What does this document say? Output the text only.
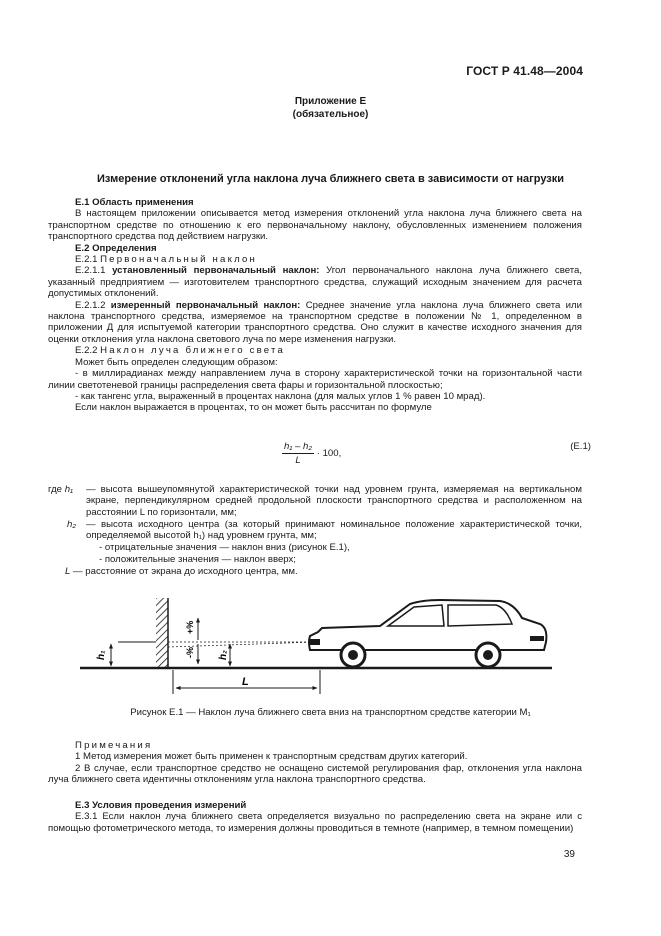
ГОСТ Р 41.48—2004
Приложение Е
(обязательное)
Измерение отклонений угла наклона луча ближнего света в зависимости от нагрузки

Е.1 Область применения

В настоящем приложении описывается метод измерения отклонений угла наклона луча ближнего света на транспортном средстве по отношению к его первоначальному наклону, обусловленных изменением положения транспортного средства под действием нагрузки.

Е.2 Определения

Е.2.1 Первоначальный наклон

Е.2.1.1 установленный первоначальный наклон: Угол первоначального наклона луча ближнего света, указанный предприятием — изготовителем транспортного средства, служащий исходным значением для расчета допустимых отклонений.

Е.2.1.2 измеренный первоначальный наклон: Среднее значение угла наклона луча ближнего света или наклона транспортного средства, измеряемое на транспортном средстве в положении № 1, определенном в приложении Д для испытуемой категории транспортного средства. Оно служит в качестве исходного значения для оценки отклонения угла наклона светового луча по мере изменения нагрузки.

Е.2.2 Наклон луча ближнего света

Может быть определен следующим образом:

- в миллирадианах между направлением луча в сторону характеристической точки на горизонтальной части линии светотеневой границы распределения света фары и горизонтальной плоскостью;

- как тангенс угла, выраженный в процентах наклона (для малых углов 1 % равен 10 мрад).

Если наклон выражается в процентах, то он может быть рассчитан по формуле

$\frac{\text{h₁ – h₂}}{L} \cdot 100$,
(Е.1)
где h₁ — высота вышеупомянутой характеристической точки над уровнем грунта, измеряемая на вертикальном экране, перпендикулярном средней продольной плоскости транспортного средства и расположенном на расстоянии L по горизонтали, мм;
h₂ — высота исходного центра (за который принимают номинальное положение характеристической точки, определяемой высотой h₁) над уровнем грунта, мм;
- отрицательные значения — наклон вниз (рисунок Е.1),
- положительные значения — наклон вверх;
L — расстояние от экрана до исходного центра, мм.
h₁
+%
-% h₂
L
Рисунок Е.1 — Наклон луча ближнего света вниз на транспортном средстве категории M₁

Примечания

1 Метод измерения может быть применен к транспортным средствам других категорий.

2 В случае, если транспортное средство не оснащено системой регулирования фар, отклонения угла наклона луча ближнего света идентичны отклонениям угла наклона транспортного средства.

Е.3 Условия проведения измерений

Е.3.1 Если наклон луча ближнего света определяется визуально по распределению света на экране или с помощью фотометрического метода, то измерения должны проводиться в темноте (например, в темном помещении)

39
